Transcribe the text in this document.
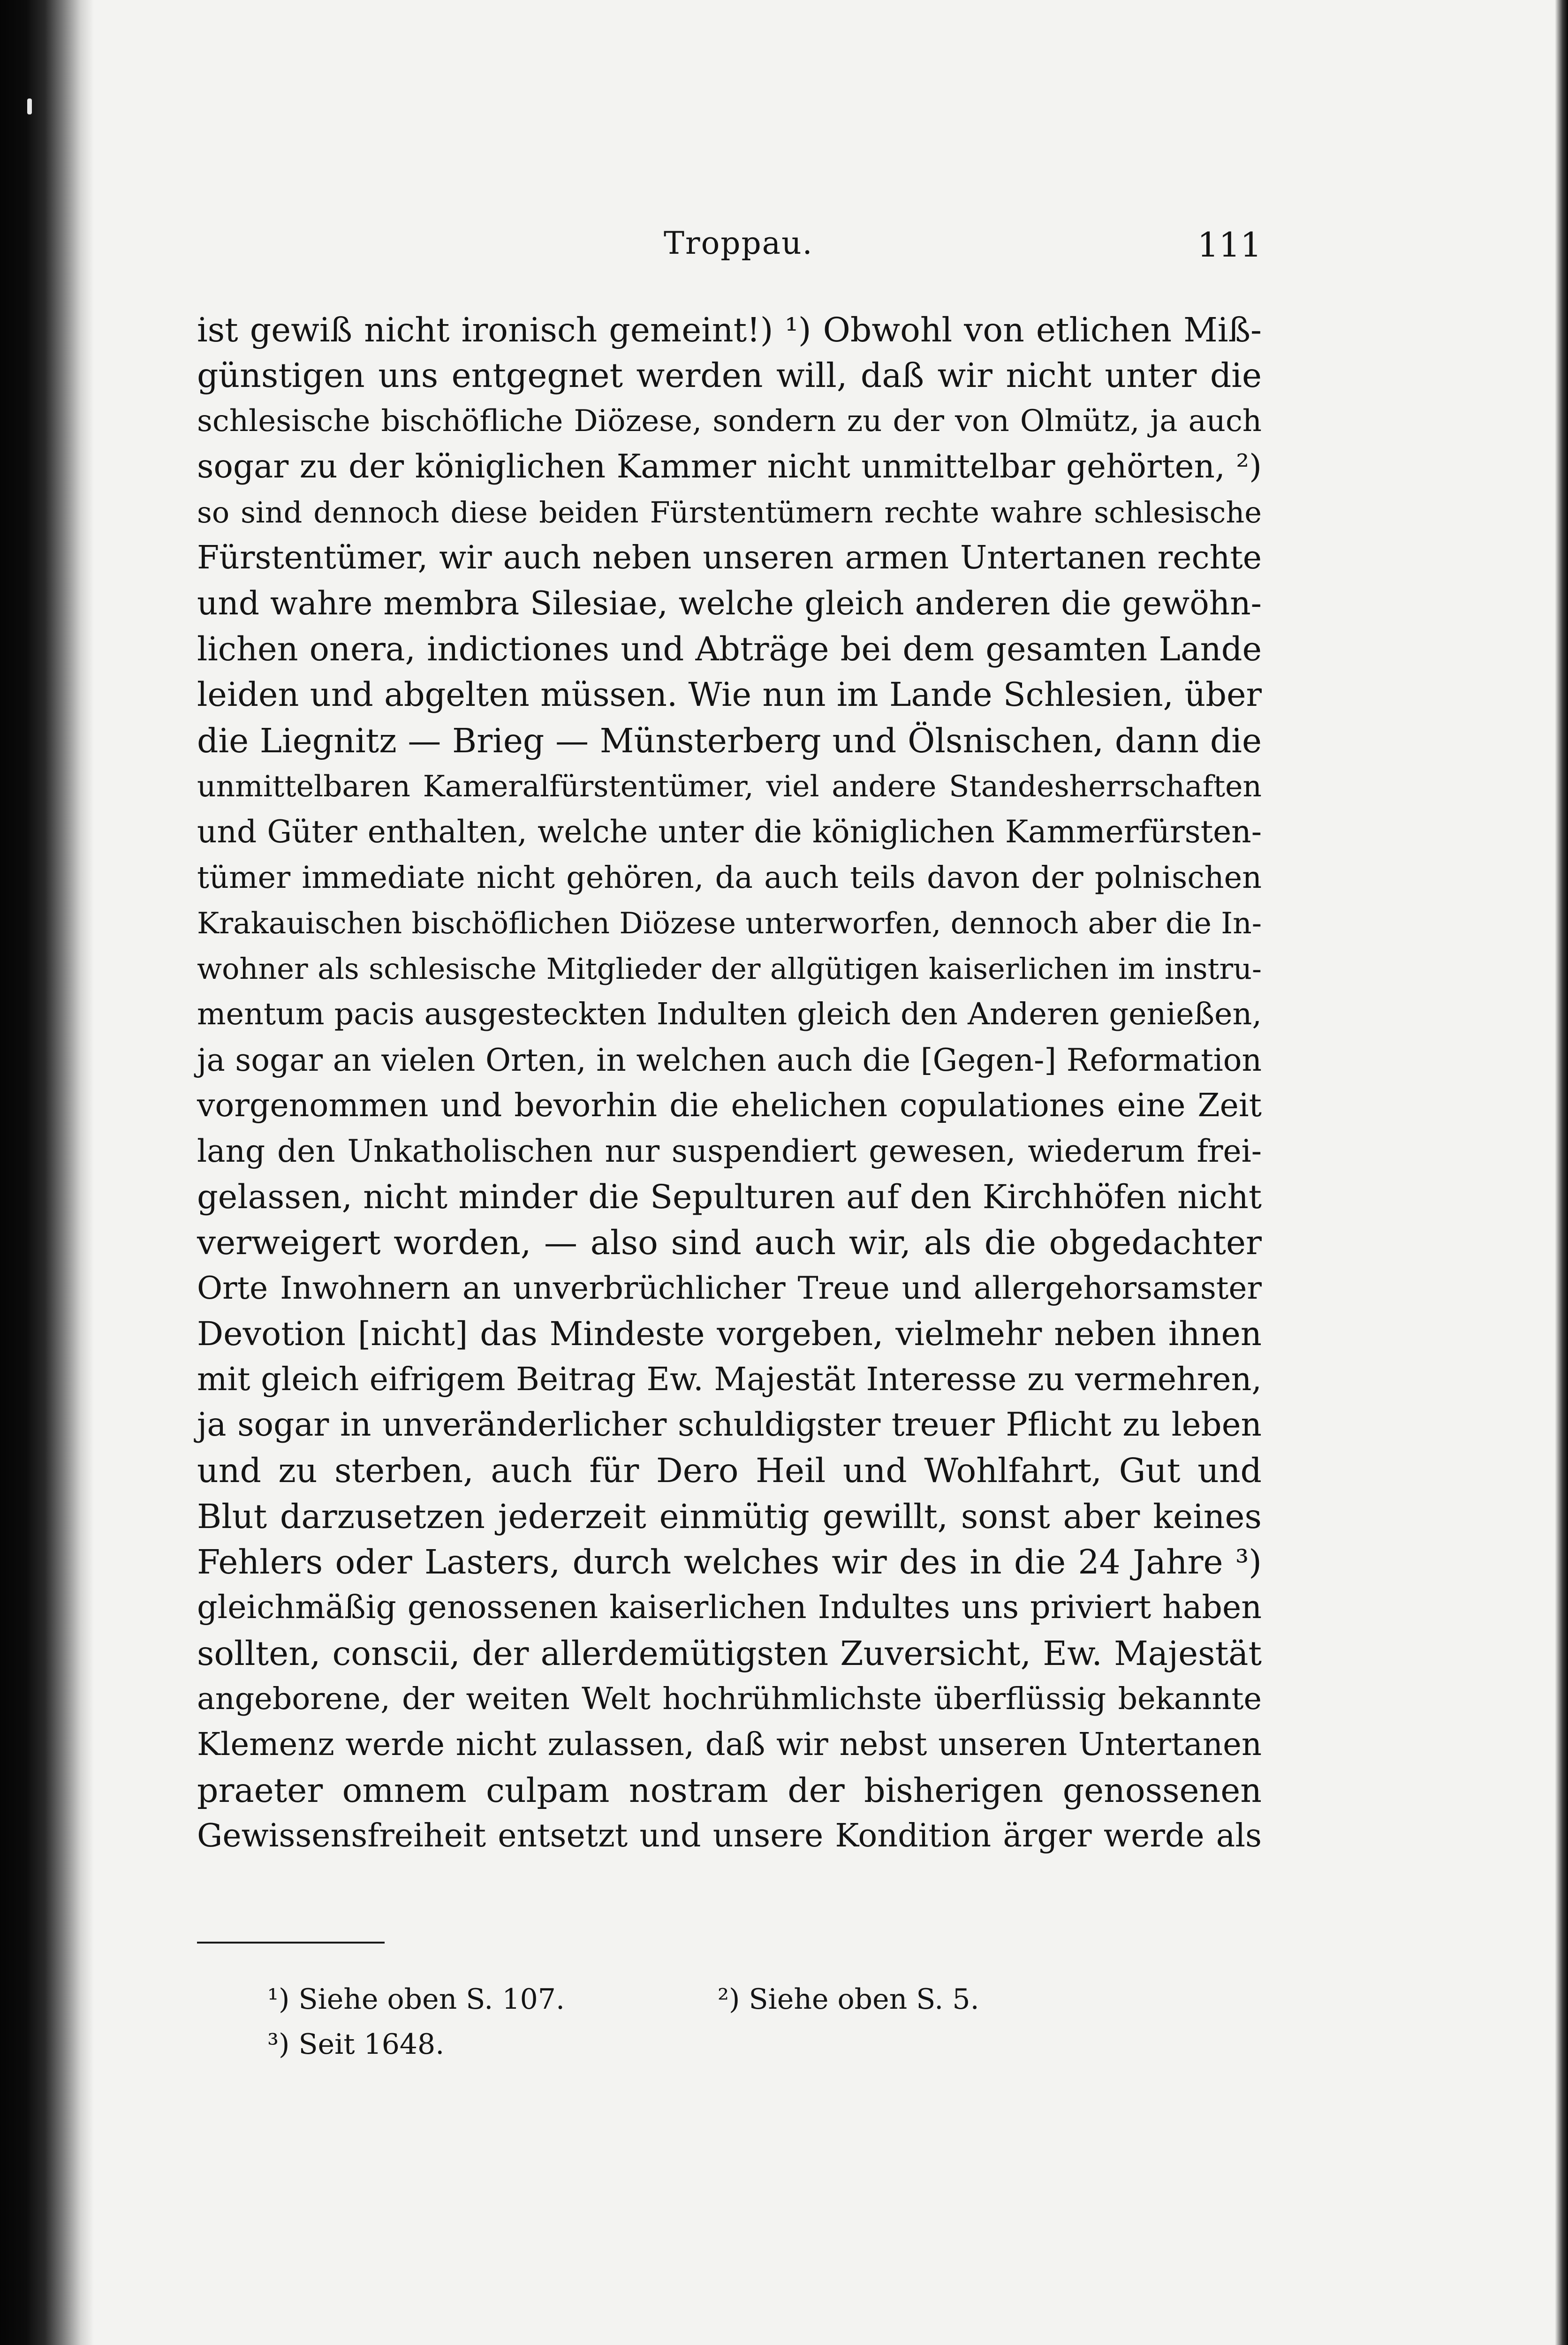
Troppau.	111
ist gewiß nicht ironisch gemeint!) ¹) Obwohl von etlichen Miß-
günstigen uns entgegnet werden will, daß wir nicht unter die
schlesische bischöfliche Diözese, sondern zu der von Olmütz, ja auch
sogar zu der königlichen Kammer nicht unmittelbar gehörten, ²)
so sind dennoch diese beiden Fürstentümern rechte wahre schlesische
Fürstentümer, wir auch neben unseren armen Untertanen rechte
und wahre membra Silesiae, welche gleich anderen die gewöhn-
lichen onera, indictiones und Abträge bei dem gesamten Lande
leiden und abgelten müssen. Wie nun im Lande Schlesien, über
die Liegnitz — Brieg — Münsterberg und Ölsnischen, dann die
unmittelbaren Kameralfürstentümer, viel andere Standesherrschaften
und Güter enthalten, welche unter die königlichen Kammerfürsten-
tümer immediate nicht gehören, da auch teils davon der polnischen
Krakauischen bischöflichen Diözese unterworfen, dennoch aber die In-
wohner als schlesische Mitglieder der allgütigen kaiserlichen im instru-
mentum pacis ausgesteckten Indulten gleich den Anderen genießen,
ja sogar an vielen Orten, in welchen auch die [Gegen-] Reformation
vorgenommen und bevorhin die ehelichen copulationes eine Zeit
lang den Unkatholischen nur suspendiert gewesen, wiederum frei-
gelassen, nicht minder die Sepulturen auf den Kirchhöfen nicht
verweigert worden, — also sind auch wir, als die obgedachter
Orte Inwohnern an unverbrüchlicher Treue und allergehorsamster
Devotion [nicht] das Mindeste vorgeben, vielmehr neben ihnen
mit gleich eifrigem Beitrag Ew. Majestät Interesse zu vermehren,
ja sogar in unveränderlicher schuldigster treuer Pflicht zu leben
und zu sterben, auch für Dero Heil und Wohlfahrt, Gut und
Blut darzusetzen jederzeit einmütig gewillt, sonst aber keines
Fehlers oder Lasters, durch welches wir des in die 24 Jahre ³)
gleichmäßig genossenen kaiserlichen Indultes uns priviert haben
sollten, conscii, der allerdemütigsten Zuversicht, Ew. Majestät
angeborene, der weiten Welt hochrühmlichste überflüssig bekannte
Klemenz werde nicht zulassen, daß wir nebst unseren Untertanen
praeter omnem culpam nostram der bisherigen genossenen
Gewissensfreiheit entsetzt und unsere Kondition ärger werde als
¹) Siehe oben S. 107.	²) Siehe oben S. 5.
³) Seit 1648.
